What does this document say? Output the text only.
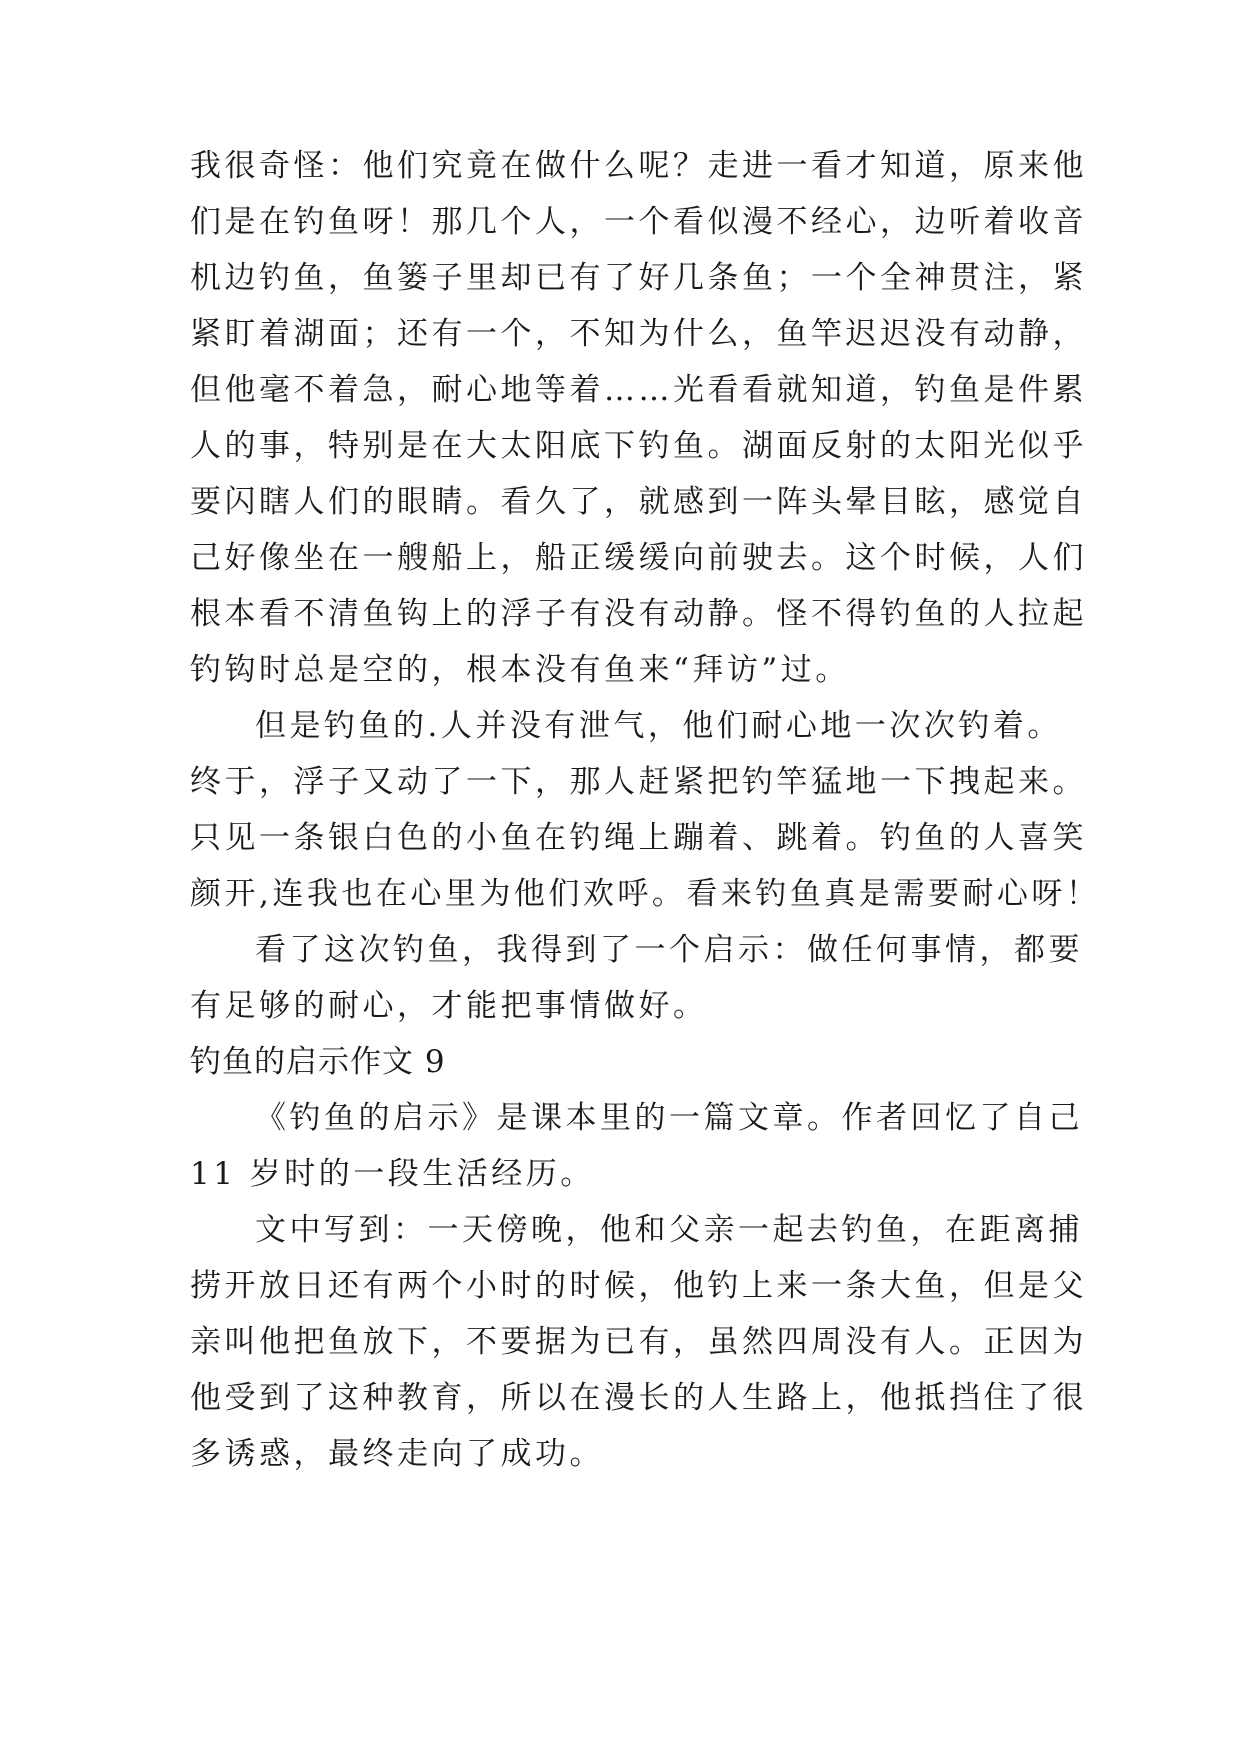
我很奇怪：他们究竟在做什么呢？走进一看才知道，原来他
们是在钓鱼呀！那几个人，一个看似漫不经心，边听着收音
机边钓鱼，鱼篓子里却已有了好几条鱼；一个全神贯注，紧
紧盯着湖面；还有一个，不知为什么，鱼竿迟迟没有动静，
但他毫不着急，耐心地等着……光看看就知道，钓鱼是件累
人的事，特别是在大太阳底下钓鱼。湖面反射的太阳光似乎
要闪瞎人们的眼睛。看久了，就感到一阵头晕目眩，感觉自
己好像坐在一艘船上，船正缓缓向前驶去。这个时候，人们
根本看不清鱼钩上的浮子有没有动静。怪不得钓鱼的人拉起
钓钩时总是空的，根本没有鱼来“拜访”过。
但是钓鱼的.人并没有泄气，他们耐心地一次次钓着。
终于，浮子又动了一下，那人赶紧把钓竿猛地一下拽起来。
只见一条银白色的小鱼在钓绳上蹦着、跳着。钓鱼的人喜笑
颜开,连我也在心里为他们欢呼。看来钓鱼真是需要耐心呀！
看了这次钓鱼，我得到了一个启示：做任何事情，都要
有足够的耐心，才能把事情做好。
钓鱼的启示作文 9
《钓鱼的启示》是课本里的一篇文章。作者回忆了自己
11 岁时的一段生活经历。
文中写到：一天傍晚，他和父亲一起去钓鱼，在距离捕
捞开放日还有两个小时的时候，他钓上来一条大鱼，但是父
亲叫他把鱼放下，不要据为已有，虽然四周没有人。正因为
他受到了这种教育，所以在漫长的人生路上，他抵挡住了很
多诱惑，最终走向了成功。
